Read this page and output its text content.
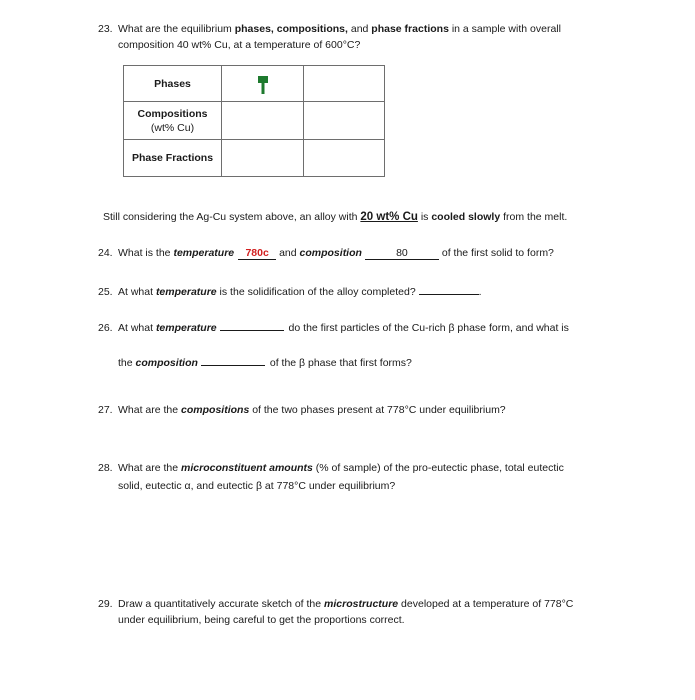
23. What are the equilibrium phases, compositions, and phase fractions in a sample with overall
composition 40 wt% Cu, at a temperature of 600°C?
Phases	

Compositions
(wt% Cu)		
Phase Fractions		
Still considering the Ag-Cu system above, an alloy with 20 wt% Cu is cooled slowly from the melt.
24. What is the temperature 780c and composition	80	of the first solid to form?
25. At what temperature is the solidification of the alloy completed?	.
26. At what temperature	do the first particles of the Cu-rich β phase form, and what is
the composition	of the β phase that first forms?
27. What are the compositions of the two phases present at 778°C under equilibrium?
28. What are the microconstituent amounts (% of sample) of the pro-eutectic phase, total eutectic
solid, eutectic α, and eutectic β at 778°C under equilibrium?
29. Draw a quantitatively accurate sketch of the microstructure developed at a temperature of 778°C
under equilibrium, being careful to get the proportions correct.
